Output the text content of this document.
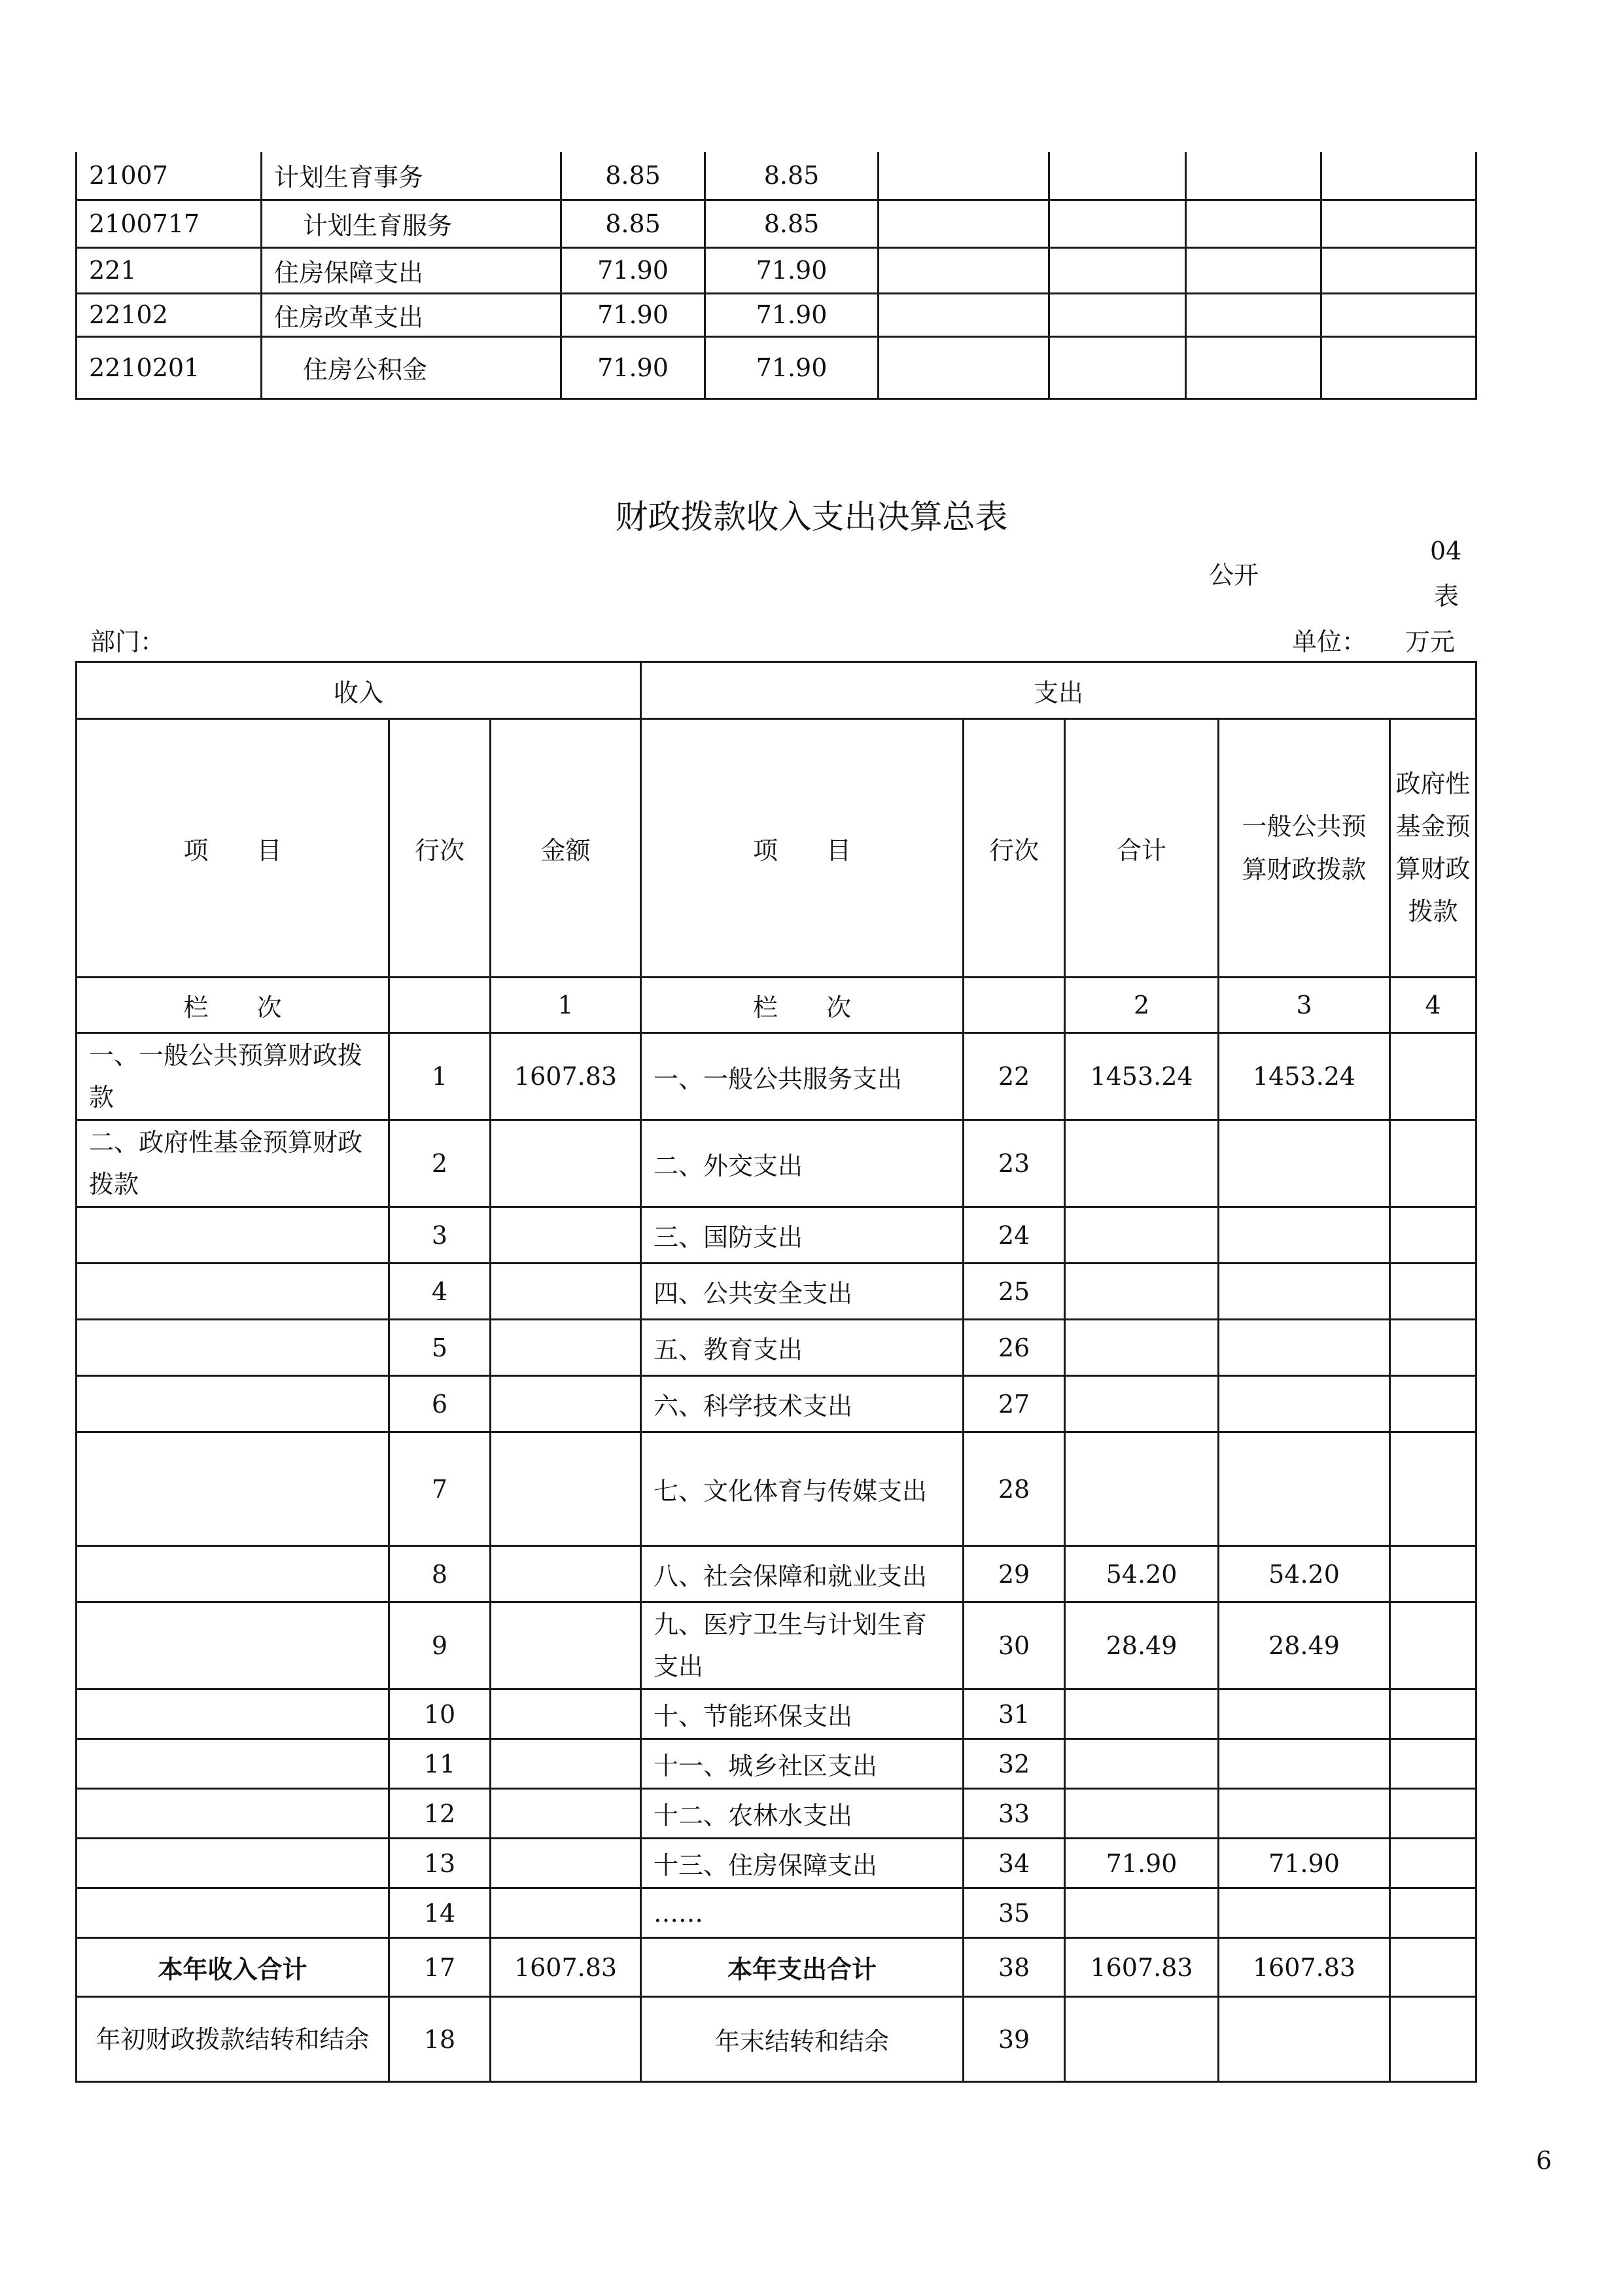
21007	计划生育事务	8.85	8.85				
2100717	计划生育服务	8.85	8.85				
221	住房保障支出	71.90	71.90				
22102	住房改革支出	71.90	71.90				
2210201	住房公积金	71.90	71.90				
财政拨款收入支出决算总表
公开
04
表
部门：	单位： 万元
收入			支出				
项 目	行次	金额	项 目	行次	合计	一般公共预算财政拨款	政府性基金预算财政拨款
栏 次		1	栏 次		2	3	4
一、一般公共预算财政拨款	1	1607.83	一、一般公共服务支出	22	1453.24	1453.24	
二、政府性基金预算财政拨款	2		二、外交支出	23			
	3		三、国防支出	24			
	4		四、公共安全支出	25			
	5		五、教育支出	26			
	6		六、科学技术支出	27			
	7		七、文化体育与传媒支出	28			
	8		八、社会保障和就业支出	29	54.20	54.20	
	9		九、医疗卫生与计划生育支出	30	28.49	28.49	
	10		十、节能环保支出	31			
	11		十一、城乡社区支出	32			
	12		十二、农林水支出	33			
	13		十三、住房保障支出	34	71.90	71.90	
	14		……	35			
本年收入合计	17	1607.83	本年支出合计	38	1607.83	1607.83	
年初财政拨款结转和结余	18		年末结转和结余	39			
6
